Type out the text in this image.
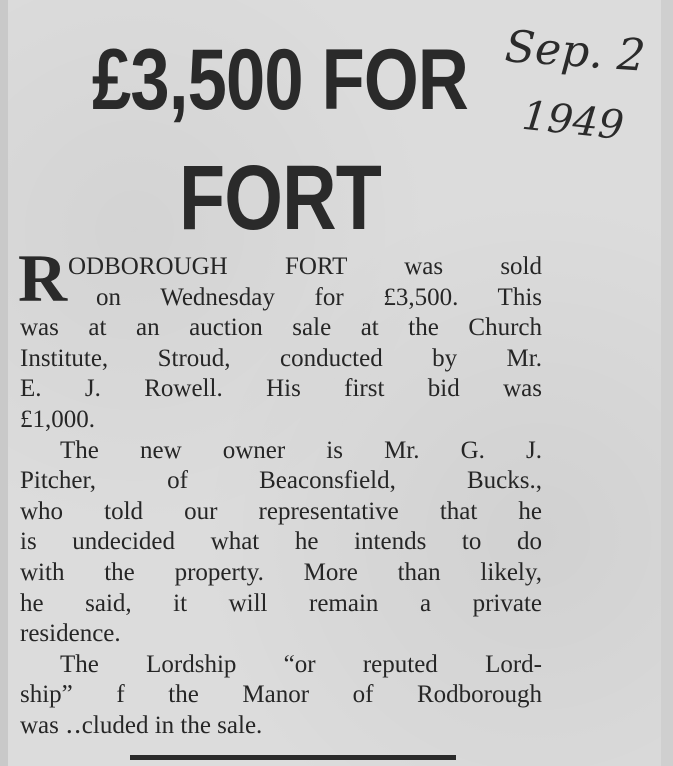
£3,500 FOR
FORT
Sep. 2
1949
R ODBOROUGH FORT was sold
on Wednesday for £3,500. This
was at an auction sale at the Church
Institute, Stroud, conducted by Mr.
E. J. Rowell. His first bid was
£1,000.
The new owner is Mr. G. J.
Pitcher, of Beaconsfield, Bucks.,
who told our representative that he
is undecided what he intends to do
with the property. More than likely,
he said, it will remain a private
residence.
The Lordship “or reputed Lord-
shipˮ f the Manor of Rodborough
was ‥cluded in the sale.
